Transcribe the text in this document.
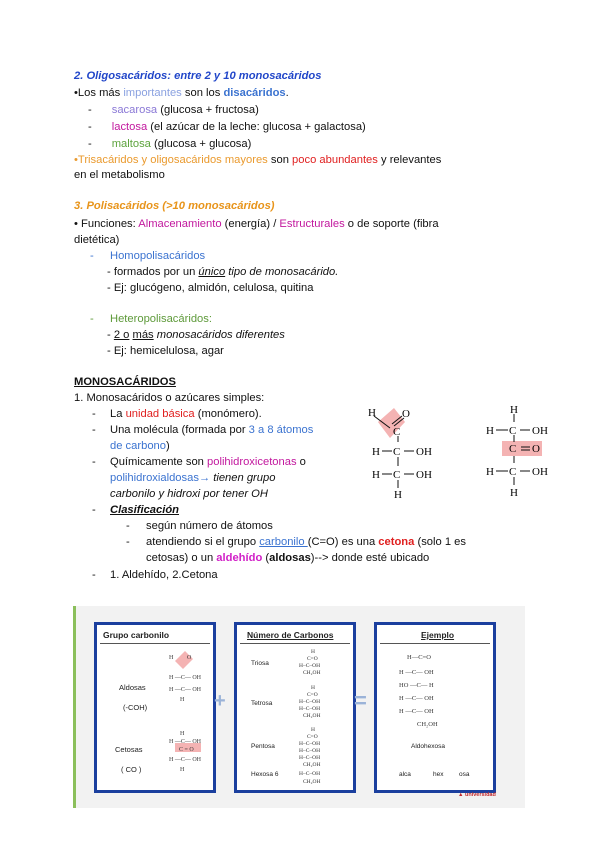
2. Oligosacáridos: entre 2 y 10 monosacáridos
•Los más importantes son los disacáridos.
- sacarosa (glucosa + fructosa)
- lactosa (el azúcar de la leche: glucosa + galactosa)
- maltosa (glucosa + glucosa)
•Trisacáridos y oligosacáridos mayores son poco abundantes y relevantes
en el metabolismo
3. Polisacáridos (>10 monosacáridos)
• Funciones: Almacenamiento (energía) / Estructurales o de soporte (fibra
dietética)
- Homopolisacáridos
- formados por un único tipo de monosacárido.
- Ej: glucógeno, almidón, celulosa, quitina
- Heteropolisacáridos:
- 2 o más monosacáridos diferentes
- Ej: hemicelulosa, agar
MONOSACÁRIDOS
1. Monosacáridos o azúcares simples:
- La unidad básica (monómero).
- Una molécula (formada por 3 a 8 átomos
de carbono)
- Químicamente son polihidroxicetonas o
polihidroxialdosas→ tienen grupo
carbonilo y hidroxi por tener OH
- Clasificación
- según número de átomos
- atendiendo si el grupo carbonilo (C=O) es una cetona (solo 1 es
cetosas) o un aldehído (aldosas)--> donde esté ubicado
- 1. Aldehído, 2.Cetona
H O
C
H C OH
H C OH
H
H
H C OH
C O
H C OH
H
Grupo carbonilo
Aldosas
(-COH)
Cetosas
( CO )
H O
H —C— OH
H —C— OH
H
H
H —C— OH
C = O
H —C— OH
H
+
Número de Carbonos
Triosa
Tetrosa
Pentosa
Hexosa 6
H
C=O
H–C–OH
CH₂OH
H
C=O
H–C–OH
H–C–OH
CH₂OH
H
C=O
H–C–OH
H–C–OH
H–C–OH
CH₂OH
H–C–OH
CH₂OH
=
Ejemplo
H—C=O
H —C— OH
HO —C— H
H —C— OH
H —C— OH
CH₂OH
Aldohexosa
alca	hex osa
▲ universidad
